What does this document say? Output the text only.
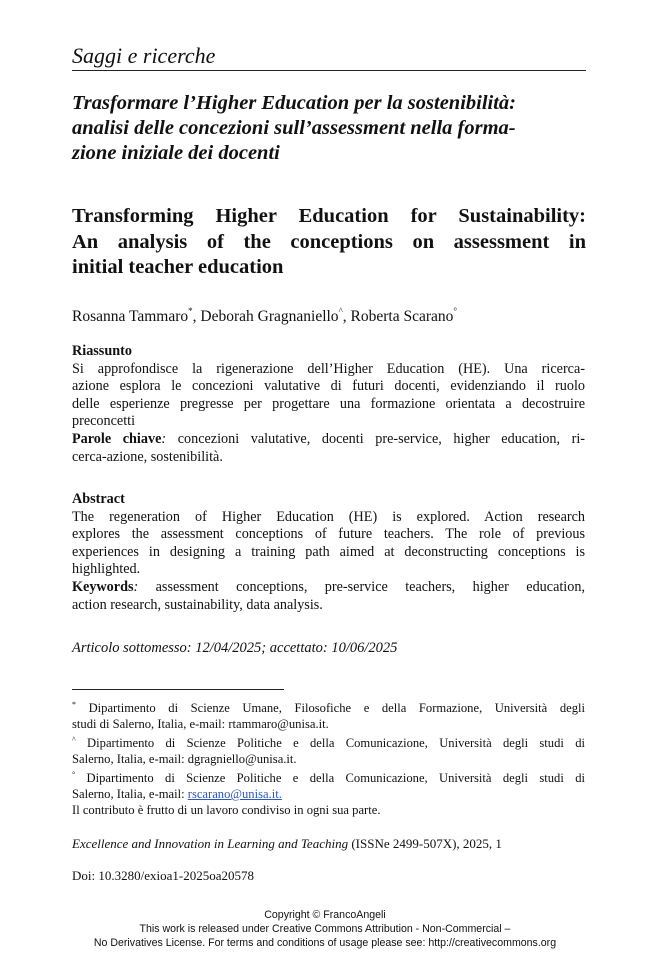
Saggi e ricerche
Trasformare l’Higher Education per la sostenibilità:
analisi delle concezioni sull’assessment nella forma-
zione iniziale dei docenti
Transforming Higher Education for Sustainability:
An analysis of the conceptions on assessment in
initial teacher education
Rosanna Tammaro*, Deborah Gragnaniello^, Roberta Scarano°
Riassunto
Si approfondisce la rigenerazione dell’Higher Education (HE). Una ricerca-
azione esplora le concezioni valutative di futuri docenti, evidenziando il ruolo
delle esperienze pregresse per progettare una formazione orientata a decostruire
preconcetti
Parole chiave: concezioni valutative, docenti pre-service, higher education, ri-
cerca-azione, sostenibilità.
Abstract
The regeneration of Higher Education (HE) is explored. Action research
explores the assessment conceptions of future teachers. The role of previous
experiences in designing a training path aimed at deconstructing conceptions is
highlighted.
Keywords: assessment conceptions, pre-service teachers, higher education,
action research, sustainability, data analysis.
Articolo sottomesso: 12/04/2025; accettato: 10/06/2025
* Dipartimento di Scienze Umane, Filosofiche e della Formazione, Università degli
studi di Salerno, Italia, e-mail: rtammaro@unisa.it.
^ Dipartimento di Scienze Politiche e della Comunicazione, Università degli studi di
Salerno, Italia, e-mail: dgragniello@unisa.it.
° Dipartimento di Scienze Politiche e della Comunicazione, Università degli studi di
Salerno, Italia, e-mail: rscarano@unisa.it.
Il contributo è frutto di un lavoro condiviso in ogni sua parte.
Excellence and Innovation in Learning and Teaching (ISSNe 2499-507X), 2025, 1
Doi: 10.3280/exioa1-2025oa20578
Copyright © FrancoAngeli
This work is released under Creative Commons Attribution - Non-Commercial –
No Derivatives License. For terms and conditions of usage please see: http://creativecommons.org
